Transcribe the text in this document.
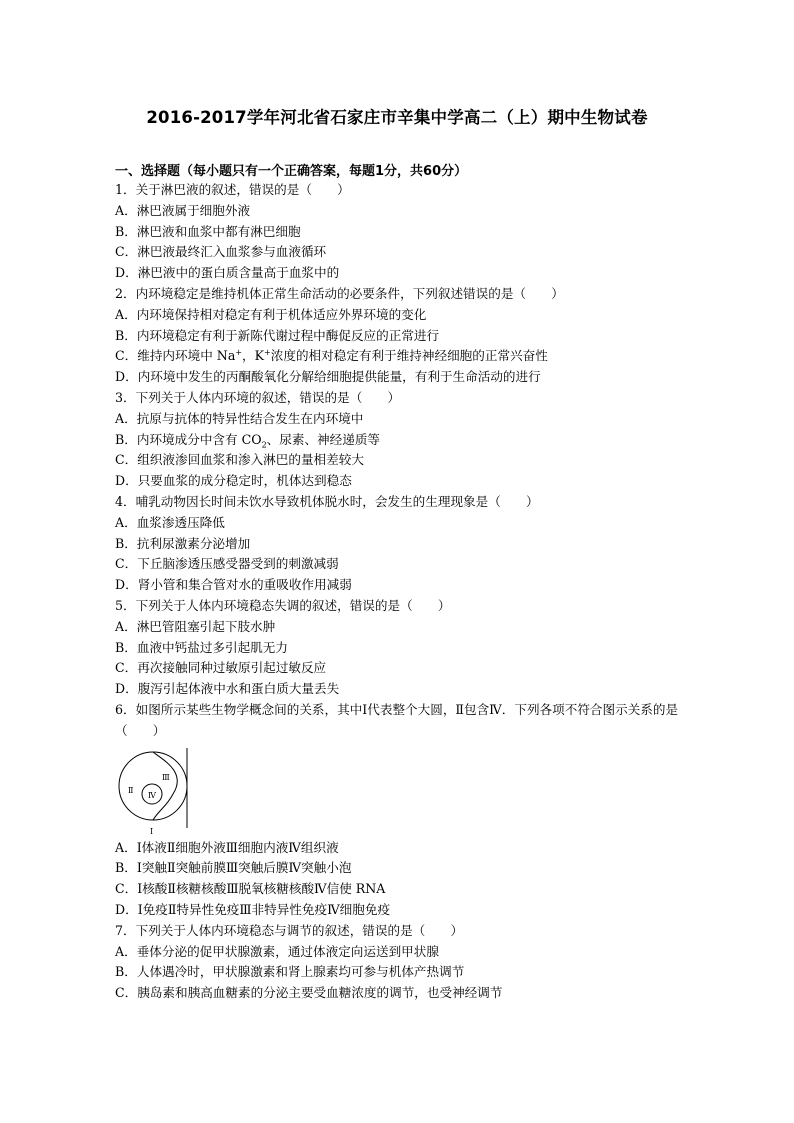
2016-2017学年河北省石家庄市辛集中学高二（上）期中生物试卷
一、选择题（每小题只有一个正确答案，每题1分，共60分）
1．关于淋巴液的叙述，错误的是（　　）
A．淋巴液属于细胞外液
B．淋巴液和血浆中都有淋巴细胞
C．淋巴液最终汇入血浆参与血液循环
D．淋巴液中的蛋白质含量高于血浆中的
2．内环境稳定是维持机体正常生命活动的必要条件，下列叙述错误的是（　　）
A．内环境保持相对稳定有利于机体适应外界环境的变化
B．内环境稳定有利于新陈代谢过程中酶促反应的正常进行
C．维持内环境中 Na+，K+浓度的相对稳定有利于维持神经细胞的正常兴奋性
D．内环境中发生的丙酮酸氧化分解给细胞提供能量，有利于生命活动的进行
3．下列关于人体内环境的叙述，错误的是（　　）
A．抗原与抗体的特异性结合发生在内环境中
B．内环境成分中含有 $CO_2$、尿素、神经递质等
C．组织液渗回血浆和渗入淋巴的量相差较大
D．只要血浆的成分稳定时，机体达到稳态
4．哺乳动物因长时间未饮水导致机体脱水时，会发生的生理现象是（　　）
A．血浆渗透压降低
B．抗利尿激素分泌增加
C．下丘脑渗透压感受器受到的刺激减弱
D．肾小管和集合管对水的重吸收作用减弱
5．下列关于人体内环境稳态失调的叙述，错误的是（　　）
A．淋巴管阻塞引起下肢水肿
B．血液中钙盐过多引起肌无力
C．再次接触同种过敏原引起过敏反应
D．腹泻引起体液中水和蛋白质大量丢失
6．如图所示某些生物学概念间的关系，其中Ⅰ代表整个大圆，Ⅱ包含Ⅳ．下列各项不符合图示关系的是（　　）
Ⅲ
Ⅱ
Ⅳ
Ⅰ
A．Ⅰ体液Ⅱ细胞外液Ⅲ细胞内液Ⅳ组织液
B．Ⅰ突触Ⅱ突触前膜Ⅲ突触后膜Ⅳ突触小泡
C．Ⅰ核酸Ⅱ核糖核酸Ⅲ脱氧核糖核酸Ⅳ信使 RNA
D．Ⅰ免疫Ⅱ特异性免疫Ⅲ非特异性免疫Ⅳ细胞免疫
7．下列关于人体内环境稳态与调节的叙述，错误的是（　　）
A．垂体分泌的促甲状腺激素，通过体液定向运送到甲状腺
B．人体遇冷时，甲状腺激素和肾上腺素均可参与机体产热调节
C．胰岛素和胰高血糖素的分泌主要受血糖浓度的调节，也受神经调节
